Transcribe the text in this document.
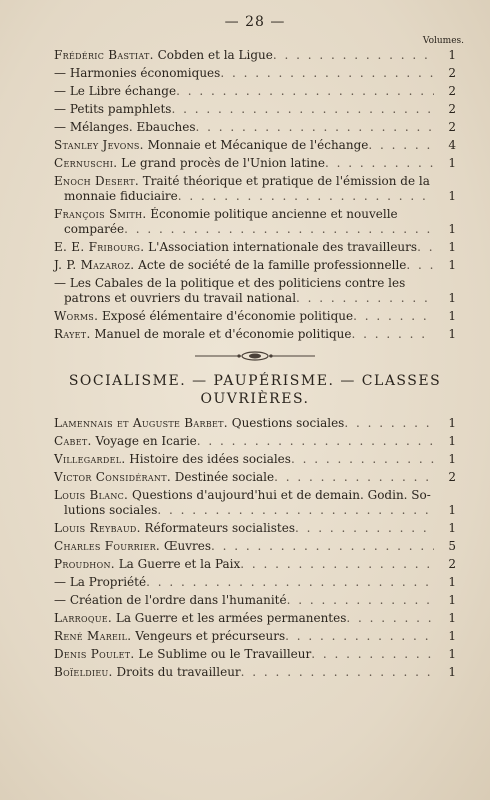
— 28 —
Volumes.
Frédéric Bastiat. Cobden et la Ligue . . .	1
— Harmonies économiques . . .	2
— Le Libre échange . . .	2
— Petits pamphlets . . .	2
— Mélanges. Ebauches . . .	2
Stanley Jevons. Monnaie et Mécanique de l'échange . . .	4
Cernuschi. Le grand procès de l'Union latine . . .	1
Enoch Desert. Traité théorique et pratique de l'émission de la
monnaie fiduciaire . . .	1
François Smith. Économie politique ancienne et nouvelle
comparée . . .	1
E. E. Fribourg. L'Association internationale des travailleurs . . .	1
J. P. Mazaroz. Acte de société de la famille professionnelle . . .	1
— Les Cabales de la politique et des politiciens contre les
patrons et ouvriers du travail national . . .	1
Worms. Exposé élémentaire d'économie politique . . .	1
Rayet. Manuel de morale et d'économie politique . . .	1
SOCIALISME. — PAUPÉRISME. — CLASSES
OUVRIÈRES.
Lamennais et Auguste Barbet. Questions sociales . . .	1
Cabet. Voyage en Icarie . . .	1
Villegardel. Histoire des idées sociales . . .	1
Victor Considérant. Destinée sociale . . .	2
Louis Blanc. Questions d'aujourd'hui et de demain. Godin. So-
lutions sociales . . .	1
Louis Reybaud. Réformateurs socialistes . . .	1
Charles Fourrier. Œuvres . . .	5
Proudhon. La Guerre et la Paix . . .	2
— La Propriété . . .	1
— Création de l'ordre dans l'humanité . . .	1
Larroque. La Guerre et les armées permanentes . . .	1
René Mareil. Vengeurs et précurseurs . . .	1
Denis Poulet. Le Sublime ou le Travailleur . . .	1
Boïeldieu. Droits du travailleur . . .	1
